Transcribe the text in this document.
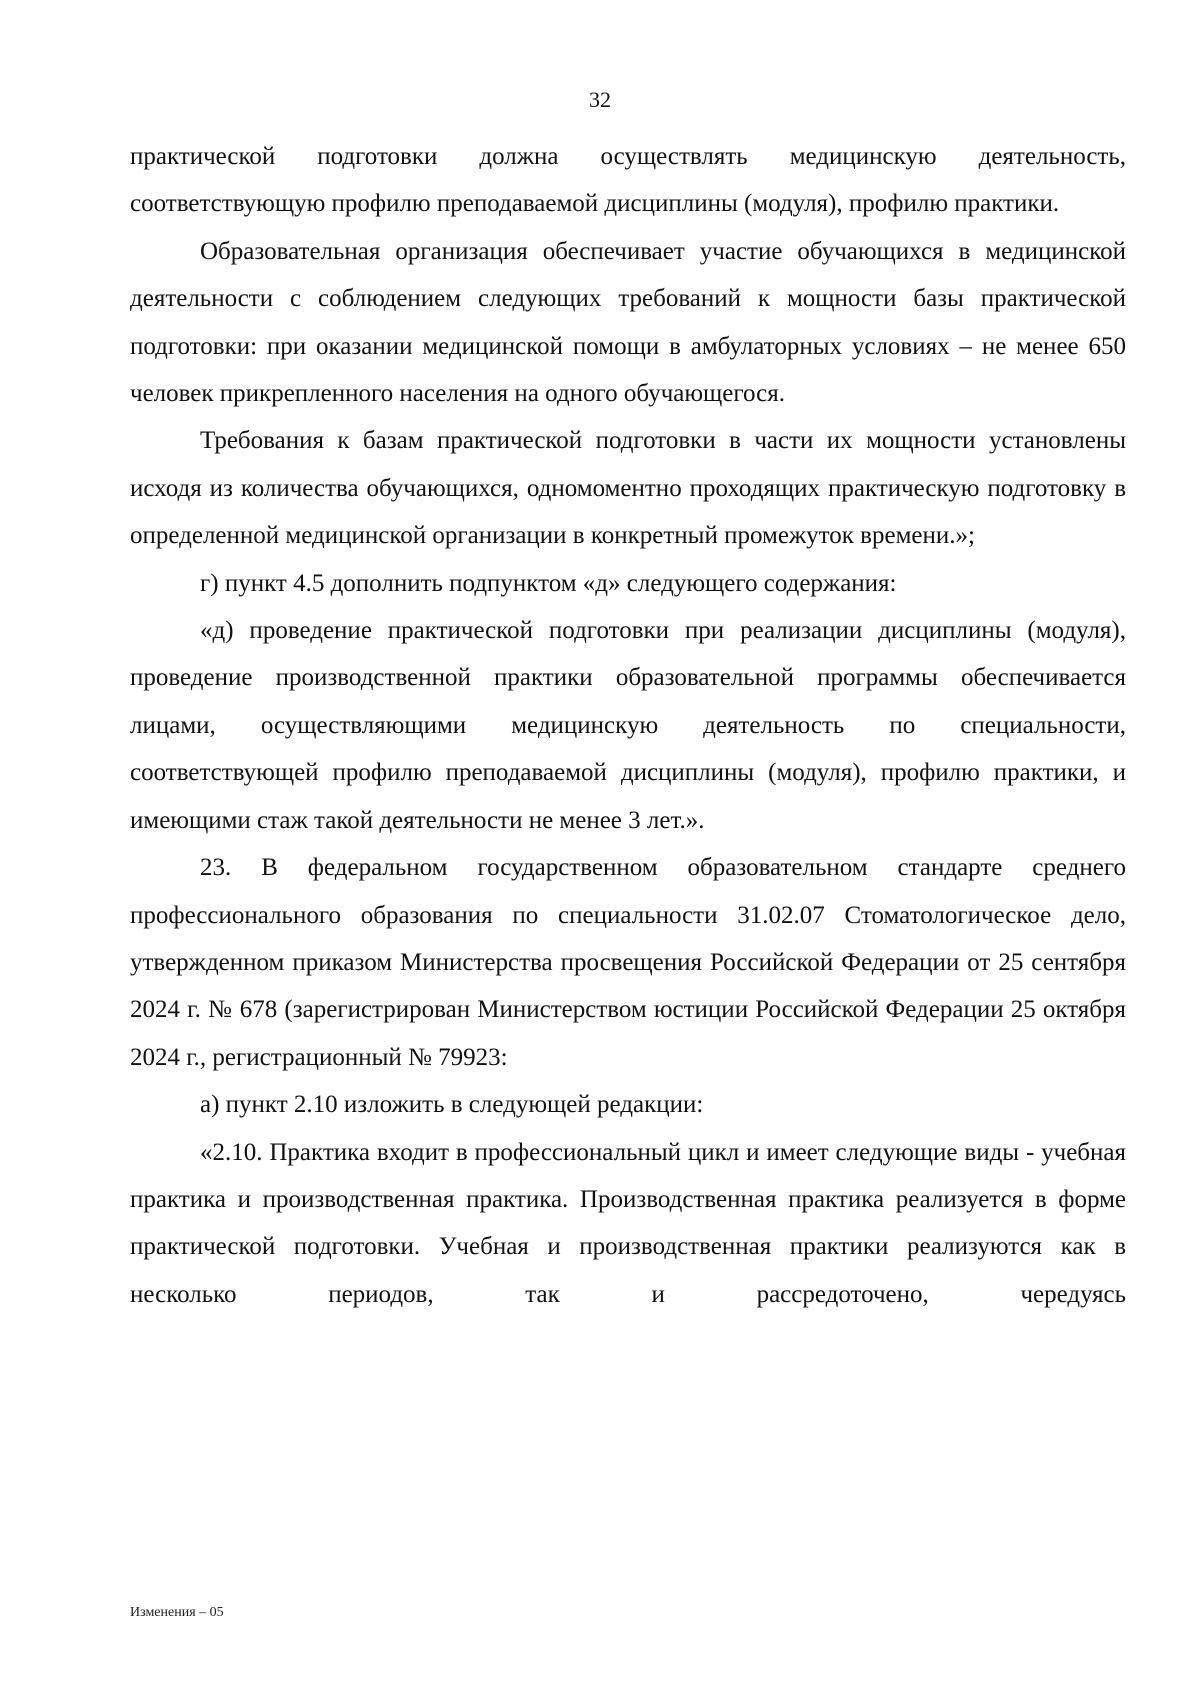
32

практической подготовки должна осуществлять медицинскую деятельность, соответствующую профилю преподаваемой дисциплины (модуля), профилю практики.

Образовательная организация обеспечивает участие обучающихся в медицинской деятельности с соблюдением следующих требований к мощности базы практической подготовки: при оказании медицинской помощи в амбулаторных условиях – не менее 650 человек прикрепленного населения на одного обучающегося.

Требования к базам практической подготовки в части их мощности установлены исходя из количества обучающихся, одномоментно проходящих практическую подготовку в определенной медицинской организации в конкретный промежуток времени.»;

г) пункт 4.5 дополнить подпунктом «д» следующего содержания:

«д) проведение практической подготовки при реализации дисциплины (модуля), проведение производственной практики образовательной программы обеспечивается лицами, осуществляющими медицинскую деятельность по специальности, соответствующей профилю преподаваемой дисциплины (модуля), профилю практики, и имеющими стаж такой деятельности не менее 3 лет.».

23. В федеральном государственном образовательном стандарте среднего профессионального образования по специальности 31.02.07 Стоматологическое дело, утвержденном приказом Министерства просвещения Российской Федерации от 25 сентября 2024 г. № 678 (зарегистрирован Министерством юстиции Российской Федерации 25 октября 2024 г., регистрационный № 79923:

а) пункт 2.10 изложить в следующей редакции:

«2.10. Практика входит в профессиональный цикл и имеет следующие виды - учебная практика и производственная практика. Производственная практика реализуется в форме практической подготовки. Учебная и производственная практики реализуются как в несколько периодов, так и рассредоточено, чередуясь

Изменения – 05
